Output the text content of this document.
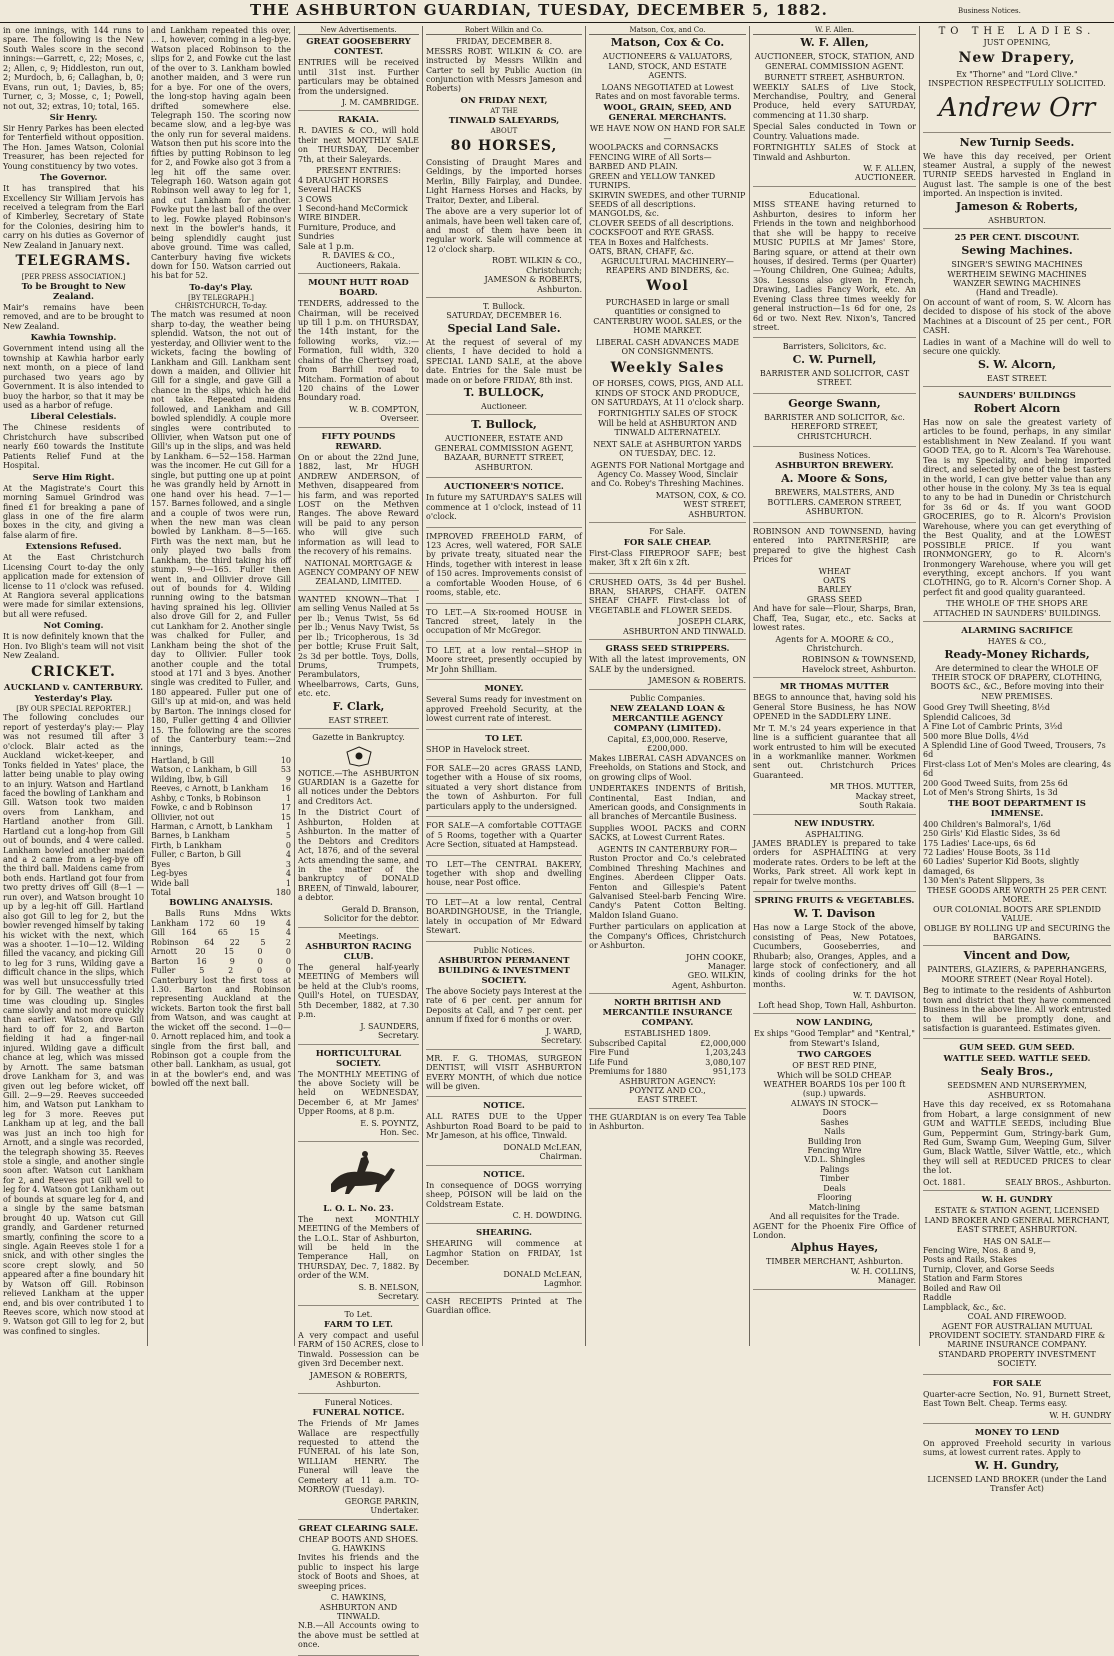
THE ASHBURTON GUARDIAN, TUESDAY, DECEMBER 5, 1882.	Business Notices.

in one innings, with 144 runs to spare. The following is the New South Wales score in the second innings:—Garrett, c, 22; Moses, c, 2; Allen, c, 9; Hiddleston, run out, 2; Murdoch, b, 6; Callaghan, b, 0; Evans, run out, 1; Davies, b, 85; Turner, c, 3; Mosse, c, 1; Powell, not out, 32; extras, 10; total, 165.

Sir Henry.

Sir Henry Parkes has been elected for Tenterfield without opposition. The Hon. James Watson, Colonial Treasurer, has been rejected for Young constituency by two votes.

The Governor.

It has transpired that his Excellency Sir William Jervois has received a telegram from the Earl of Kimberley, Secretary of State for the Colonies, desiring him to carry on his duties as Governor of New Zealand in January next.

TELEGRAMS.
[PER PRESS ASSOCIATION.]
To be Brought to New Zealand.

Mair's remains have been removed, and are to be brought to New Zealand.

Kawhia Township.

Government intend using all the township at Kawhia harbor early next month, on a piece of land purchased two years ago by Government. It is also intended to buoy the harbor, so that it may be used as a harbor of refuge.

Liberal Celestials.

The Chinese residents of Christchurch have subscribed nearly £60 towards the Institute Patients Relief Fund at the Hospital.

Serve Him Right.

At the Magistrate's Court this morning Samuel Grindrod was fined £1 for breaking a pane of glass in one of the fire alarm boxes in the city, and giving a false alarm of fire.

Extensions Refused.

At the East Christchurch Licensing Court to-day the only application made for extension of license to 11 o'clock was refused. At Rangiora several applications were made for similar extensions, but all were refused.

Not Coming.

It is now definitely known that the Hon. Ivo Bligh's team will not visit New Zealand.

CRICKET.
AUCKLAND v. CANTERBURY.
Yesterday's Play.
[BY OUR SPECIAL REPORTER.]

The following concludes our report of yesterday's play:— Play was not resumed till after 3 o'clock. Blair acted as the Auckland wicket-keeper, and Tonks fielded in Yates' place, the latter being unable to play owing to an injury. Watson and Hartland faced the bowling of Lankham and Gill. Watson took two maiden overs from Lankham, and Hartland another from Gill. Hartland cut a long-hop from Gill out of bounds, and 4 were called. Lankham bowled another maiden and a 2 came from a leg-bye off the third ball. Maidens came from both ends. Hartland got four from two pretty drives off Gill (8—1 —run over), and Watson brought 10 up by a leg-hit off Gill. Hartland also got Gill to leg for 2, but the bowler revenged himself by taking his wicket with the next, which was a shooter. 1—10—12. Wilding filled the vacancy, and picking Gill to leg for 3 runs, Wilding gave a difficult chance in the slips, which was well but unsuccessfully tried for by Gill. The weather at this time was clouding up. Singles came slowly and not more quickly than earlier. Watson drove Gill hard to off for 2, and Barton fielding it had a finger-nail injured. Wilding gave a difficult chance at leg, which was missed by Arnott. The same batsman drove Lankham for 3, and was given out leg before wicket, off Gill. 2—9—29. Reeves succeeded him, and Watson put Lankham to leg for 3 more. Reeves put Lankham up at leg, and the ball was just an inch too high for Arnott, and a single was recorded, the telegraph showing 35. Reeves stole a single, and another single soon after. Watson cut Lankham for 2, and Reeves put Gill well to leg for 4. Watson got Lankham out of bounds at square leg for 4, and a single by the same batsman brought 40 up. Watson cut Gill grandly, and Gardener returned smartly, confining the score to a single. Again Reeves stole 1 for a snick, and with other singles the score crept slowly, and 50 appeared after a fine boundary hit by Watson off Gill. Robinson relieved Lankham at the upper end, and bis over contributed 1 to Reeves score, which now stood at 9. Watson got Gill to leg for 2, but was confined to singles.

and Lankham repeated this over, ... I, however, coming in a leg-bye. Watson placed Robinson to the slips for 2, and Fowke cut the last of the over to 3. Lankham bowled another maiden, and 3 were run for a bye. For one of the overs, the long-stop having again been drifted somewhere else. Telegraph 150. The scoring now became slow, and a leg-bye was the only run for several maidens. Watson then put his score into the fifties by putting Robinson to leg for 2, and Fowke also got 3 from a leg hit off the same over. Telegraph 160. Watson again got Robinson well away to leg for 1, and cut Lankham for another. Fowke put the last ball of the over to leg. Fowke played Robinson's next in the bowler's hands, it being splendidly caught just above ground. Time was called, Canterbury having five wickets down for 150. Watson carried out his bat for 52.

To-day's Play.
[BY TELEGRAPH.]
CHRISTCHURCH, To-day.

The match was resumed at noon sharp to-day, the weather being splendid. Watson, the not out of yesterday, and Ollivier went to the wickets, facing the bowling of Lankham and Gill. Lankham sent down a maiden, and Ollivier hit Gill for a single, and gave Gill a chance in the slips, which he did not take. Repeated maidens followed, and Lankham and Gill bowled splendidly. A couple more singles were contributed to Ollivier, when Watson put one of Gill's up in the slips, and was held by Lankham. 6—52—158. Harman was the incomer. He cut Gill for a single, but putting one up at point he was grandly held by Arnott in one hand over his head. 7—1—157. Barnes followed, and a single and a couple of twos were run, when the new man was clean bowled by Lankham. 8—5—165. Firth was the next man, but he only played two balls from Lankham, the third taking his off stump. 9—0—165. Fuller then went in, and Ollivier drove Gill out of bounds for 4. Wilding running owing to the batsman having sprained his leg. Ollivier also drove Gill for 2, and Fuller cut Lankham for 2. Another single was chalked for Fuller, and Lankham being the shot of the day to Ollivier. Fuller took another couple and the total stood at 171 and 3 byes. Another single was credited to Fuller, and 180 appeared. Fuller put one of Gill's up at mid-on, and was held by Barton. The innings closed for 180, Fuller getting 4 and Ollivier 15. The following are the scores of the Canterbury team:—2nd innings,

Hartland, b Gill	10
Watson, c Lankham, b Gill	53
Wilding, lbw, b Gill	9
Reeves, c Arnott, b Lankham	16
Ashby, c Tonks, b Robinson	1
Fowke, c and b Robinson	17
Ollivier, not out	15
Harman, c Arnott, b Lankham	1
Barnes, b Lankham	5
Firth, b Lankham	0
Fuller, c Barton, b Gill	4
Byes	3
Leg-byes	4
Wide ball	1
Total	180
BOWLING ANALYSIS.
Balls Runs Mdns Wkts
Lankham	172	60	19	4
Gill	164	65	15	4
Robinson	64	22	5	2
Arnott	20	15	0	0
Barton	16	9	0	0
Fuller	5	2	0	0

Canterbury lost the first toss at 1.30. Barton and Robinson representing Auckland at the wickets. Barton took the first ball from Watson, and was caught at the wicket off the second. 1—0—0. Arnott replaced him, and took a single from the first ball, and Robinson got a couple from the other ball. Lankham, as usual, got in at the bowler's end, and was bowled off the next ball.

New Advertisements.
GREAT GOOSEBERRY CONTEST.

ENTRIES will be received until 31st inst. Further particulars may be obtained from the undersigned.

J. M. CAMBRIDGE.
RAKAIA.

R. DAVIES & CO., will hold their next MONTHLY SALE on THURSDAY, December 7th, at their Saleyards.

PRESENT ENTRIES:
4 DRAUGHT HORSES
Several HACKS
3 COWS
1 Second-hand McCormick WIRE BINDER.
Furniture, Produce, and Sundries
Sale at 1 p.m.
R. DAVIES & CO.,
Auctioneers, Rakaia.
MOUNT HUTT ROAD BOARD.

TENDERS, addressed to the Chairman, will be received up till 1 p.m. on THURSDAY, the 14th instant, for the following works, viz.:— Formation, full width, 320 chains of the Chertsey road, from Barrhill road to Mitcham. Formation of about 120 chains of the Lower Boundary road.

W. B. COMPTON,
Overseer.
FIFTY POUNDS REWARD.

On or about the 22nd June, 1882, last, Mr HUGH ANDREW ANDERSON, of Methven, disappeared from his farm, and was reported LOST on the Methven Ranges. The above Reward will be paid to any person who will give such information as will lead to the recovery of his remains.

NATIONAL MORTGAGE & AGENCY COMPANY OF NEW ZEALAND, LIMITED.

WANTED KNOWN—That I am selling Venus Nailed at 5s per lb.; Venus Twist, 5s 6d per lb.; Venus Navy Twist, 5s per lb.; Tricopherous, 1s 3d per bottle; Kruse Fruit Salt, 2s 3d per bottle. Toys, Dolls, Drums, Trumpets, Perambulators, Wheelbarrows, Carts, Guns, etc. etc.

F. Clark,
EAST STREET.
Gazette in Bankruptcy.

NOTICE.—The ASHBURTON GUARDIAN is a Gazette for all notices under the Debtors and Creditors Act.

In the District Court of Ashburton, Holden at Ashburton. In the matter of the Debtors and Creditors Act, 1876, and of the several Acts amending the same, and in the matter of the bankruptcy of DONALD BREEN, of Tinwald, labourer, a debtor.

Gerald D. Branson,
Solicitor for the debtor.
Meetings.
ASHBURTON RACING CLUB.

The general half-yearly MEETING of Members will be held at the Club's rooms, Quill's Hotel, on TUESDAY, 5th December, 1882, at 7.30 p.m.

J. SAUNDERS,
Secretary.
HORTICULTURAL SOCIETY.

The MONTHLY MEETING of the above Society will be held on WEDNESDAY, December 6, at Mr James' Upper Rooms, at 8 p.m.

E. S. POYNTZ,
Hon. Sec.
L. O. L. No. 23.

The next MONTHLY MEETING of the Members of the L.O.L. Star of Ashburton, will be held in the Temperance Hall, on THURSDAY, Dec. 7, 1882. By order of the W.M.

S. B. NELSON,
Secretary.
To Let.
FARM TO LET.

A very compact and useful FARM of 150 ACRES, close to Tinwald. Possession can be given 3rd December next.

JAMESON & ROBERTS,
Ashburton.
Funeral Notices.
FUNERAL NOTICE.

The Friends of Mr James Wallace are respectfully requested to attend the FUNERAL of his late Son, WILLIAM HENRY. The Funeral will leave the Cemetery at 11 a.m. TO-MORROW (Tuesday).

GEORGE PARKIN,
Undertaker.
GREAT CLEARING SALE.
CHEAP BOOTS AND SHOES.
G. HAWKINS

Invites his friends and the public to inspect his large stock of Boots and Shoes, at sweeping prices.

C. HAWKINS,
ASHBURTON AND TINWALD.

N.B.—All Accounts owing to the above must be settled at once.

Robert Wilkin and Co.
FRIDAY, DECEMBER 8.

MESSRS ROBT. WILKIN & CO. are instructed by Messrs Wilkin and Carter to sell by Public Auction (in conjunction with Messrs Jameson and Roberts)

ON FRIDAY NEXT,
AT THE
TINWALD SALEYARDS,
ABOUT
80 HORSES,

Consisting of Draught Mares and Geldings, by the imported horses Merlin, Billy Fairplay, and Dundee. Light Harness Horses and Hacks, by Traitor, Dexter, and Liberal.

The above are a very superior lot of animals, have been well taken care of, and most of them have been in regular work. Sale will commence at 12 o'clock sharp.

ROBT. WILKIN & CO.,
Christchurch;
JAMESON & ROBERTS,
Ashburton.
T. Bullock.
SATURDAY, DECEMBER 16.
Special Land Sale.

At the request of several of my clients, I have decided to hold a SPECIAL LAND SALE, at the above date. Entries for the Sale must be made on or before FRIDAY, 8th inst.

T. BULLOCK,
Auctioneer.
T. Bullock,

AUCTIONEER, ESTATE AND GENERAL COMMISSION AGENT, BAZAAR, BURNETT STREET, ASHBURTON.

AUCTIONEER'S NOTICE.

In future my SATURDAY'S SALES will commence at 1 o'clock, instead of 11 o'clock.

IMPROVED FREEHOLD FARM, of 123 Acres, well watered, FOR SALE by private treaty, situated near the Hinds, together with interest in lease of 150 acres. Improvements consist of a comfortable Wooden House, of 6 rooms, stable, etc.

TO LET.—A Six-roomed HOUSE in Tancred street, lately in the occupation of Mr McGregor.

TO LET, at a low rental—SHOP in Moore street, presently occupied by Mr John Shilliam.

MONEY.

Several Sums ready for investment on approved Freehold Security, at the lowest current rate of interest.

TO LET.

SHOP in Havelock street.

FOR SALE—20 acres GRASS LAND, together with a House of six rooms, situated a very short distance from the town of Ashburton. For full particulars apply to the undersigned.

FOR SALE—A comfortable COTTAGE of 5 Rooms, together with a Quarter Acre Section, situated at Hampstead.

TO LET—The CENTRAL BAKERY, together with shop and dwelling house, near Post office.

TO LET—At a low rental, Central BOARDINGHOUSE, in the Triangle, lately in occupation of Mr Edward Stewart.

Public Notices.
ASHBURTON PERMANENT BUILDING & INVESTMENT SOCIETY.

The above Society pays Interest at the rate of 6 per cent. per annum for Deposits at Call, and 7 per cent. per annum if fixed for 6 months or over.

J. WARD,
Secretary.

MR. F. G. THOMAS, SURGEON DENTIST, will VISIT ASHBURTON EVERY MONTH, of which due notice will be given.

NOTICE.

ALL RATES DUE to the Upper Ashburton Road Board to be paid to Mr Jameson, at his office, Tinwald.

DONALD McLEAN,
Chairman.
NOTICE.

In consequence of DOGS worrying sheep, POISON will be laid on the Coldstream Estate.

C. H. DOWDING.
SHEARING.

SHEARING will commence at Lagmhor Station on FRIDAY, 1st December.

DONALD McLEAN,
Lagmhor.

CASH RECEIPTS Printed at The Guardian office.

Matson, Cox, and Co.
Matson, Cox & Co.

AUCTIONEERS & VALUATORS, LAND, STOCK, AND ESTATE AGENTS.

LOANS NEGOTIATED at Lowest Rates and on most favorable terms.

WOOL, GRAIN, SEED, AND GENERAL MERCHANTS.
WE HAVE NOW ON HAND FOR SALE—
WOOLPACKS and CORNSACKS
FENCING WIRE of All Sorts—BARBED AND PLAIN.
GREEN and YELLOW TANKED TURNIPS.
SKIRVIN SWEDES, and other TURNIP SEEDS of all descriptions.
MANGOLDS, &c.
CLOVER SEEDS of all descriptions.
COCKSFOOT and RYE GRASS.
TEA in Boxes and Halfchests.
OATS, BRAN, CHAFF, &c.
AGRICULTURAL MACHINERY—REAPERS AND BINDERS, &c.
Wool

PURCHASED in large or small quantities or consigned to CANTERBURY WOOL SALES, or the HOME MARKET.

LIBERAL CASH ADVANCES MADE ON CONSIGNMENTS.
Weekly Sales

OF HORSES, COWS, PIGS, AND ALL KINDS OF STOCK AND PRODUCE, ON SATURDAYS, At 11 o'clock sharp.

FORTNIGHTLY SALES OF STOCK Will be held at ASHBURTON AND TINWALD ALTERNATELY.

NEXT SALE at ASHBURTON YARDS ON TUESDAY, DEC. 12.

AGENTS FOR National Mortgage and Agency Co. Massey Wood, Sinclair and Co. Robey's Threshing Machines.

MATSON, COX, & CO.
WEST STREET,
ASHBURTON.
For Sale.
FOR SALE CHEAP.

First-Class FIREPROOF SAFE; best maker, 3ft x 2ft 6in x 2ft.

CRUSHED OATS, 3s 4d per Bushel. BRAN, SHARPS, CHAFF. OATEN SHEAF CHAFF. First-class lot of VEGETABLE and FLOWER SEEDS.

JOSEPH CLARK,
ASHBURTON AND TINWALD.
GRASS SEED STRIPPERS.

With all the latest improvements, ON SALE by the undersigned.

JAMESON & ROBERTS.
Public Companies.
NEW ZEALAND LOAN & MERCANTILE AGENCY COMPANY (LIMITED).
Capital, £3,000,000. Reserve, £200,000.

Makes LIBERAL CASH ADVANCES on Freeholds, on Stations and Stock, and on growing clips of Wool.

UNDERTAKES INDENTS of British, Continental, East Indian, and American goods, and Consignments in all branches of Mercantile Business.

Supplies WOOL PACKS and CORN SACKS, at Lowest Current Rates.

AGENTS IN CANTERBURY FOR—

Ruston Proctor and Co.'s celebrated Combined Threshing Machines and Engines. Aberdeen Clipper Oats. Fenton and Gillespie's Patent Galvanised Steel-barb Fencing Wire. Candy's Patent Cotton Belting. Maldon Island Guano.

Further particulars on application at the Company's Offices, Christchurch or Ashburton.

JOHN COOKE,
Manager.
GEO. WILKIN,
Agent, Ashburton.
NORTH BRITISH AND MERCANTILE INSURANCE COMPANY.
ESTABLISHED 1809.
Subscribed Capital	£2,000,000
Fire Fund	1,203,243
Life Fund	3,080,107
Premiums for 1880	951,173
ASHBURTON AGENCY:
POYNTZ AND CO.,
EAST STREET.

THE GUARDIAN is on every Tea Table in Ashburton.

W. F. Allen.
W. F. Allen,

AUCTIONEER, STOCK, STATION, AND GENERAL COMMISSION AGENT.

BURNETT STREET, ASHBURTON.

WEEKLY SALES of Live Stock, Merchandise, Poultry, and General Produce, held every SATURDAY, commencing at 11.30 sharp.

Special Sales conducted in Town or Country. Valuations made.

FORTNIGHTLY SALES of Stock at Tinwald and Ashburton.

W. F. ALLEN,
AUCTIONEER.
Educational.

MISS STEANE having returned to Ashburton, desires to inform her Friends in the town and neighborhood that she will be happy to receive MUSIC PUPILS at Mr James' Store, Baring square, or attend at their own houses, if desired. Terms (per Quarter)—Young Children, One Guinea; Adults, 30s. Lessons also given in French, Drawing, Ladies Fancy Work, etc. An Evening Class three times weekly for general instruction—1s 6d for one, 2s 6d or two. Next Rev. Nixon's, Tancred street.

Barristers, Solicitors, &c.
C. W. Purnell,

BARRISTER AND SOLICITOR, CAST STREET.

George Swann,

BARRISTER AND SOLICITOR, &c. HEREFORD STREET, CHRISTCHURCH.

Business Notices.
ASHBURTON BREWERY.
A. Moore & Sons,

BREWERS, MALSTERS, AND BOTTLERS. CAMERON STREET, ASHBURTON.

ROBINSON AND TOWNSEND, having entered into PARTNERSHIP, are prepared to give the highest Cash Prices for

WHEAT
OATS
BARLEY
GRASS SEED

And have for sale—Flour, Sharps, Bran, Chaff, Tea, Sugar, etc., etc. Sacks at lowest rates.

Agents for A. MOORE & CO., Christchurch.

ROBINSON & TOWNSEND,
Havelock street, Ashburton.
MR THOMAS MUTTER

BEGS to announce that, having sold his General Store Business, he has NOW OPENED in the SADDLERY LINE.

Mr T. M.'s 24 years experience in that line is a sufficient guarantee that all work entrusted to him will be executed in a workmanlike manner. Workmen sent out. Christchurch Prices Guaranteed.

MR THOS. MUTTER,
Mackay street,
South Rakaia.
NEW INDUSTRY.
ASPHALTING.

JAMES BRADLEY is prepared to take orders for ASPHALTING at very moderate rates. Orders to be left at the Works, Park street. All work kept in repair for twelve months.

SPRING FRUITS & VEGETABLES.
W. T. Davison

Has now a Large Stock of the above, consisting of Peas, New Potatoes, Cucumbers, Gooseberries, and Rhubarb; also, Oranges, Apples, and a large stock of confectionery, and all kinds of cooling drinks for the hot months.

W. T. DAVISON,
Loft head Shop, Town Hall, Ashburton.
NOW LANDING,

Ex ships "Good Templar" and "Kentral," from Stewart's Island,

TWO CARGOES
OF BEST RED PINE,
Which will be SOLD CHEAP.
WEATHER BOARDS 10s per 100 ft (sup.) upwards.
ALWAYS IN STOCK—
Doors
Sashes
Nails
Building Iron
Fencing Wire
V.D.L. Shingles
Palings
Timber
Deals
Flooring
Match-lining
And all requisites for the Trade.

AGENT for the Phoenix Fire Office of London.

Alphus Hayes,
TIMBER MERCHANT, Ashburton.
W. H. COLLINS,
Manager.
TO THE LADIES.
JUST OPENING,
New Drapery,
Ex "Thorne" and "Lord Clive."
INSPECTION RESPECTFULLY SOLICITED.
Andrew Orr
New Turnip Seeds.

We have this day received, per Orient steamer Austral, a supply of the newest TURNIP SEEDS harvested in England in August last. The sample is one of the best imported. An inspection is invited.

Jameson & Roberts,
ASHBURTON.
25 PER CENT. DISCOUNT.
Sewing Machines.
SINGER'S SEWING MACHINES
WERTHEIM SEWING MACHINES
WANZER SEWING MACHINES
(Hand and Treadle).

On account of want of room, S. W. Alcorn has decided to dispose of his stock of the above Machines at a Discount of 25 per cent., FOR CASH.

Ladies in want of a Machine will do well to secure one quickly.

S. W. Alcorn,
EAST STREET.
SAUNDERS' BUILDINGS
Robert Alcorn

Has now on sale the greatest variety of articles to be found, perhaps, in any similar establishment in New Zealand. If you want GOOD TEA, go to R. Alcorn's Tea Warehouse. Tea is my Speciality, and being imported direct, and selected by one of the best tasters in the world, I can give better value than any other house in the colony. My 3s tea is equal to any to be had in Dunedin or Christchurch for 3s 6d or 4s. If you want GOOD GROCERIES, go to R. Alcorn's Provision Warehouse, where you can get everything of the Best Quality, and at the LOWEST POSSIBLE PRICE. If you want IRONMONGERY, go to R. Alcorn's Ironmongery Warehouse, where you will get everything, except anchors. If you want CLOTHING, go to R. Alcorn's Corner Shop. A perfect fit and good quality guaranteed.

THE WHOLE OF THE SHOPS ARE ATTACHED IN SAUNDERS' BUILDINGS.
ALARMING SACRIFICE
HAYES & CO.,
Ready-Money Richards,

Are determined to clear the WHOLE OF THEIR STOCK OF DRAPERY, CLOTHING, BOOTS &C., &C., Before moving into their NEW PREMISES.

Good Grey Twill Sheeting, 8½d
Splendid Calicoes, 3d
A Fine Lot of Cambric Prints, 3½d
500 more Blue Dolls, 4½d
A Splendid Line of Good Tweed, Trousers, 7s 6d
First-class Lot of Men's Moles are clearing, 4s 6d
200 Good Tweed Suits, from 25s 6d
Lot of Men's Strong Shirts, 1s 3d
THE BOOT DEPARTMENT IS IMMENSE.
400 Children's Balmoral's, 1/6d
250 Girls' Kid Elastic Sides, 3s 6d
175 Ladies' Lace-ups, 6s 6d
72 Ladies' House Boots, 3s 11d
60 Ladies' Superior Kid Boots, slightly damaged, 6s
130 Men's Patent Slippers, 3s
THESE GOODS ARE WORTH 25 PER CENT. MORE.
OUR COLONIAL BOOTS ARE SPLENDID VALUE.
OBLIGE BY ROLLING UP and SECURING the BARGAINS.
Vincent and Dow,

PAINTERS, GLAZIERS, & PAPERHANGERS, MOORE STREET (Near Royal Hotel).

Beg to intimate to the residents of Ashburton town and district that they have commenced Business in the above line. All work entrusted to them will be promptly done, and satisfaction is guaranteed. Estimates given.

GUM SEED. GUM SEED.
WATTLE SEED. WATTLE SEED.
Sealy Bros.,
SEEDSMEN AND NURSERYMEN, ASHBURTON.

Have this day received, ex ss Rotomahana from Hobart, a large consignment of new GUM and WATTLE SEEDS, including Blue Gum, Peppermint Gum, Stringy-bark Gum, Red Gum, Swamp Gum, Weeping Gum, Silver Gum, Black Wattle, Silver Wattle, etc., which they will sell at REDUCED PRICES to clear the lot.

Oct. 1881.	SEALY BROS., Ashburton.
W. H. GUNDRY

ESTATE & STATION AGENT, LICENSED LAND BROKER AND GENERAL MERCHANT, EAST STREET, ASHBURTON.

HAS ON SALE—
Fencing Wire, Nos. 8 and 9,
Posts and Rails, Stakes
Turnip, Clover, and Gorse Seeds
Station and Farm Stores
Boiled and Raw Oil
Raddle
Lampblack, &c., &c.
COAL AND FIREWOOD.

AGENT FOR AUSTRALIAN MUTUAL PROVIDENT SOCIETY. STANDARD FIRE & MARINE INSURANCE COMPANY. STANDARD PROPERTY INVESTMENT SOCIETY.

FOR SALE

Quarter-acre Section, No. 91, Burnett Street, East Town Belt. Cheap. Terms easy.

W. H. GUNDRY
MONEY TO LEND

On approved Freehold security in various sums, at lowest current rates. Apply to

W. H. Gundry,
LICENSED LAND BROKER (under the Land Transfer Act)
